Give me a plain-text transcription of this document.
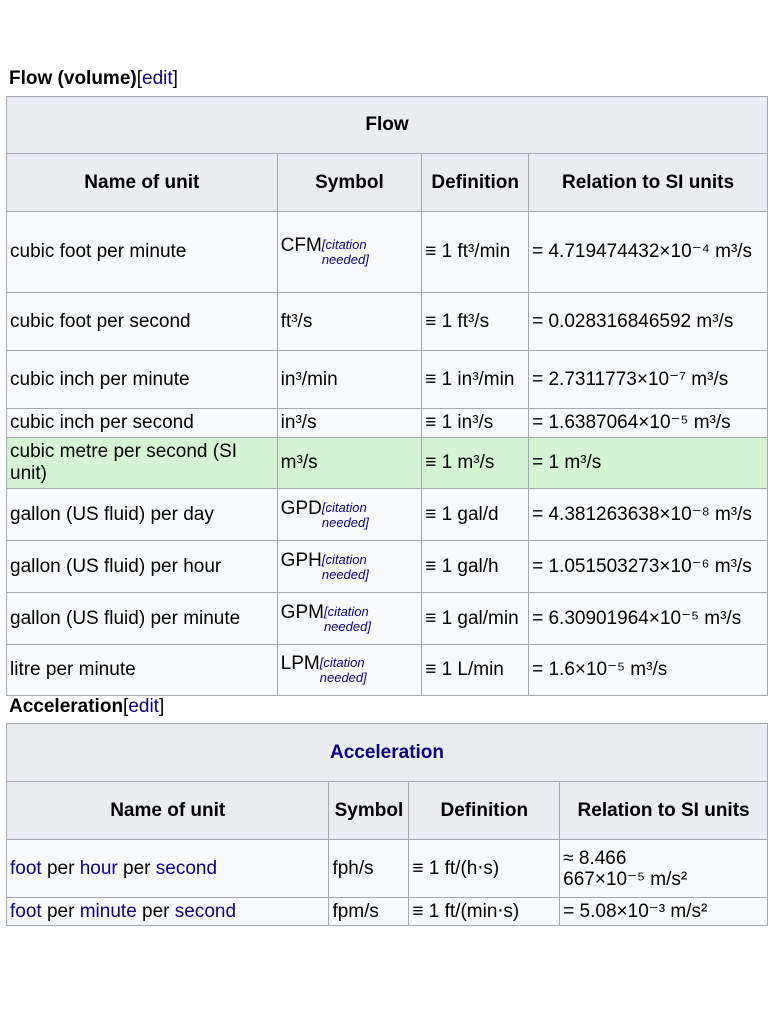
Flow (volume)[edit]
Flow			
Name of unit	Symbol	Definition	Relation to SI units
cubic foot per minute	CFM[citation
needed]	≡ 1 ft³/min	= 4.719474432×10⁻⁴ m³/s
cubic foot per second	ft³/s	≡ 1 ft³/s	= 0.028316846592 m³/s
cubic inch per minute	in³/min	≡ 1 in³/min	= 2.7311773×10⁻⁷ m³/s
cubic inch per second	in³/s	≡ 1 in³/s	= 1.6387064×10⁻⁵ m³/s
cubic metre per second (SI unit)	m³/s	≡ 1 m³/s	= 1 m³/s
gallon (US fluid) per day	GPD[citation
needed]	≡ 1 gal/d	= 4.381263638×10⁻⁸ m³/s
gallon (US fluid) per hour	GPH[citation
needed]	≡ 1 gal/h	= 1.051503273×10⁻⁶ m³/s
gallon (US fluid) per minute	GPM[citation
needed]	≡ 1 gal/min	= 6.30901964×10⁻⁵ m³/s
litre per minute	LPM[citation
needed]	≡ 1 L/min	= 1.6×10⁻⁵ m³/s
Acceleration[edit]
Acceleration			
Name of unit	Symbol	Definition	Relation to SI units
foot per hour per second	fph/s	≡ 1 ft/(h⋅s)	≈ 8.466
667×10⁻⁵ m/s²

foot per minute per second	fpm/s	≡ 1 ft/(min⋅s)	= 5.08×10⁻³ m/s²
